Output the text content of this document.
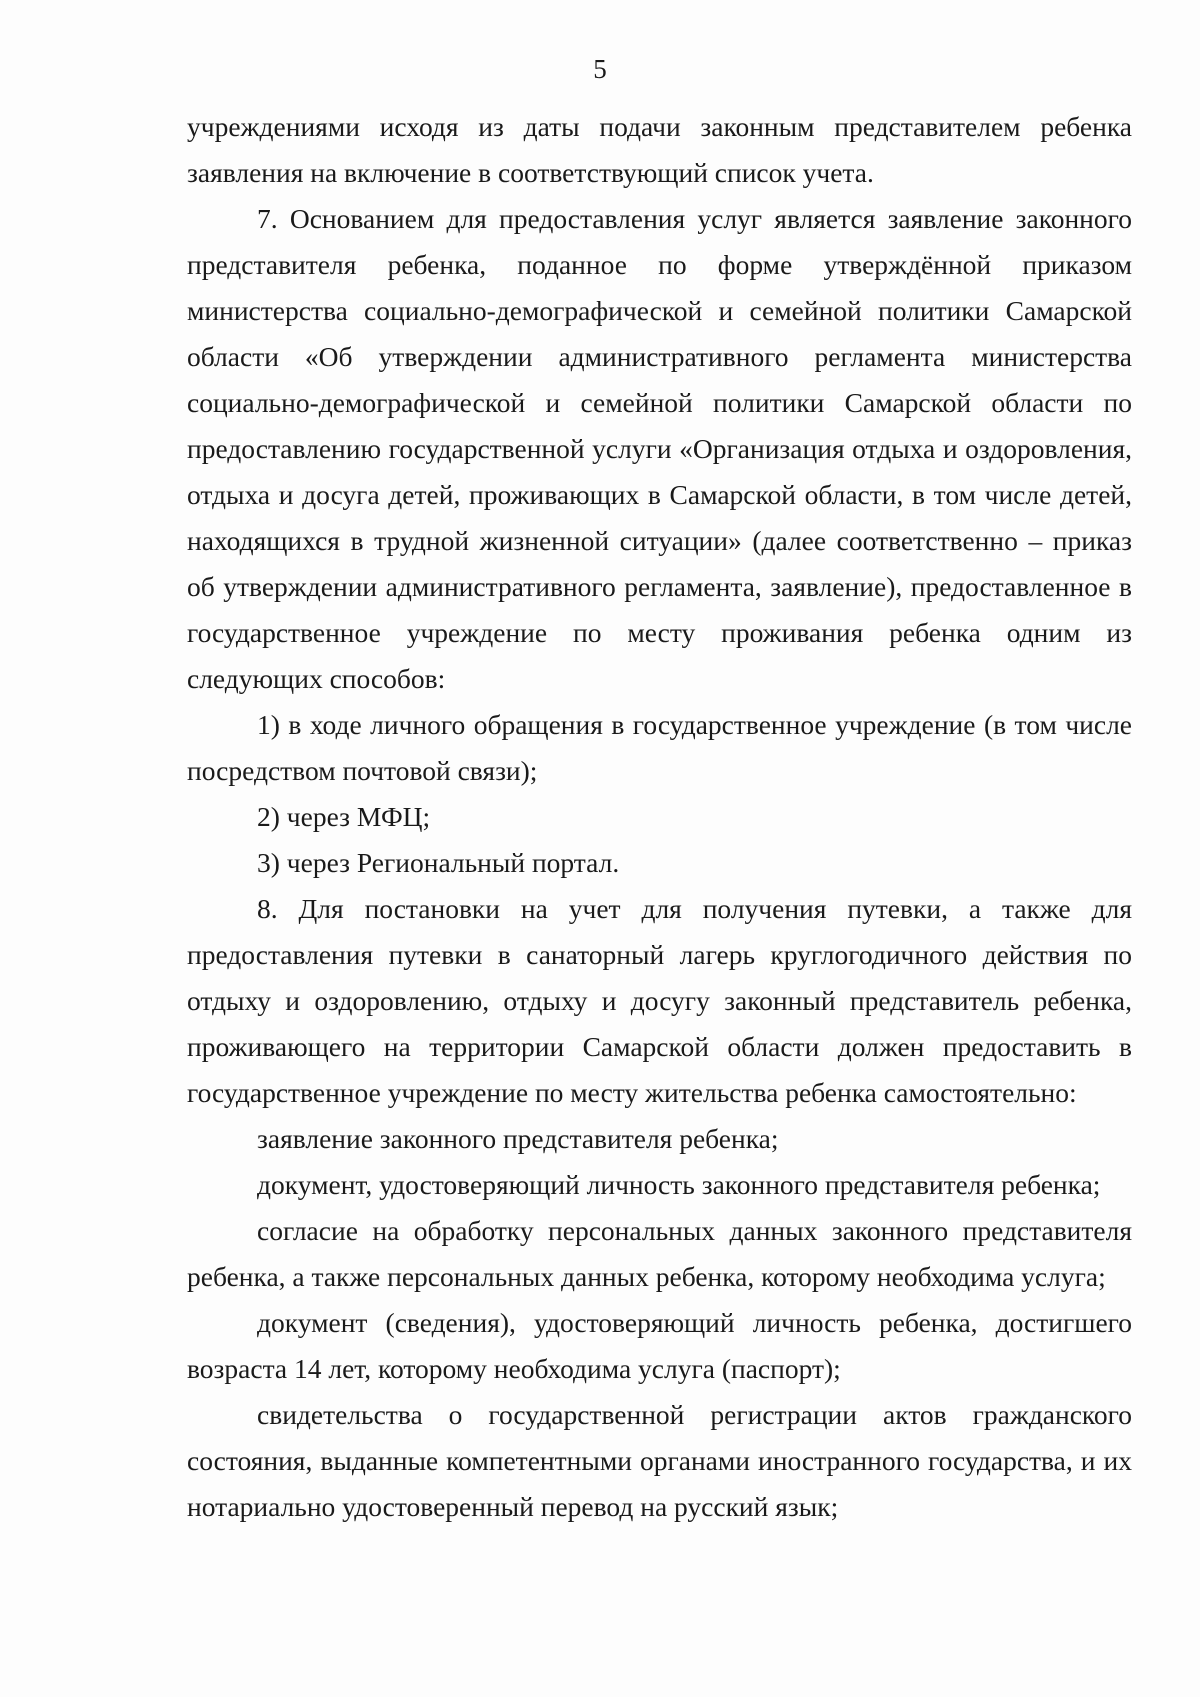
5

учреждениями исходя из даты подачи законным представителем ребенка заявления на включение в соответствующий список учета.

7. Основанием для предоставления услуг является заявление законного представителя ребенка, поданное по форме утверждённой приказом министерства социально-демографической и семейной политики Самарской области «Об утверждении административного регламента министерства социально-демографической и семейной политики Самарской области по предоставлению государственной услуги «Организация отдыха и оздоровления, отдыха и досуга детей, проживающих в Самарской области, в том числе детей, находящихся в трудной жизненной ситуации» (далее соответственно – приказ об утверждении административного регламента, заявление), предоставленное в государственное учреждение по месту проживания ребенка одним из следующих способов:

1) в ходе личного обращения в государственное учреждение (в том числе посредством почтовой связи);

2) через МФЦ;

3) через Региональный портал.

8. Для постановки на учет для получения путевки, а также для предоставления путевки в санаторный лагерь круглогодичного действия по отдыху и оздоровлению, отдыху и досугу законный представитель ребенка, проживающего на территории Самарской области должен предоставить в государственное учреждение по месту жительства ребенка самостоятельно:

заявление законного представителя ребенка;

документ, удостоверяющий личность законного представителя ребенка;

согласие на обработку персональных данных законного представителя ребенка, а также персональных данных ребенка, которому необходима услуга;

документ (сведения), удостоверяющий личность ребенка, достигшего возраста 14 лет, которому необходима услуга (паспорт);

свидетельства о государственной регистрации актов гражданского состояния, выданные компетентными органами иностранного государства, и их нотариально удостоверенный перевод на русский язык;
